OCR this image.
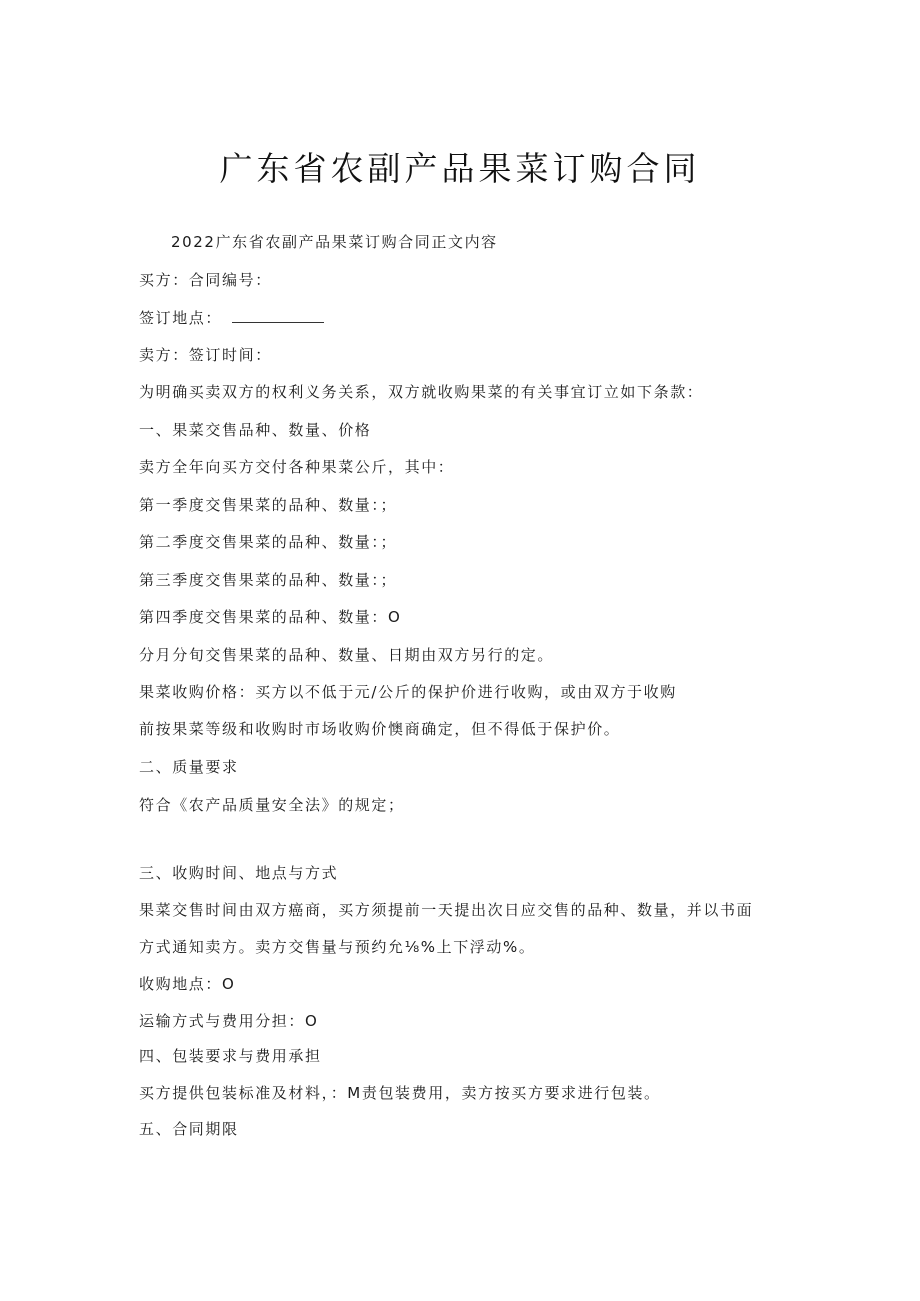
广东省农副产品果菜订购合同

2022广东省农副产品果菜订购合同正文内容

买方：合同编号：

签订地点：

卖方：签订时间：

为明确买卖双方的权利义务关系，双方就收购果菜的有关事宜订立如下条款：

一、果菜交售品种、数量、价格

卖方全年向买方交付各种果菜公斤，其中：

第一季度交售果菜的品种、数量：；

第二季度交售果菜的品种、数量：；

第三季度交售果菜的品种、数量：；

第四季度交售果菜的品种、数量：O

分月分旬交售果菜的品种、数量、日期由双方另行的定。

果菜收购价格：买方以不低于元/公斤的保护价进行收购，或由双方于收购

前按果菜等级和收购时市场收购价懊商确定，但不得低于保护价。

二、质量要求

符合《农产品质量安全法》的规定；

三、收购时间、地点与方式

果菜交售时间由双方癌商，买方须提前一天提出次日应交售的品种、数量，并以书面

方式通知卖方。卖方交售量与预约允⅛%上下浮动%。

收购地点：O

运输方式与费用分担：O

四、包装要求与费用承担

买方提供包装标准及材料，：M责包装费用，卖方按买方要求进行包装。

五、合同期限
